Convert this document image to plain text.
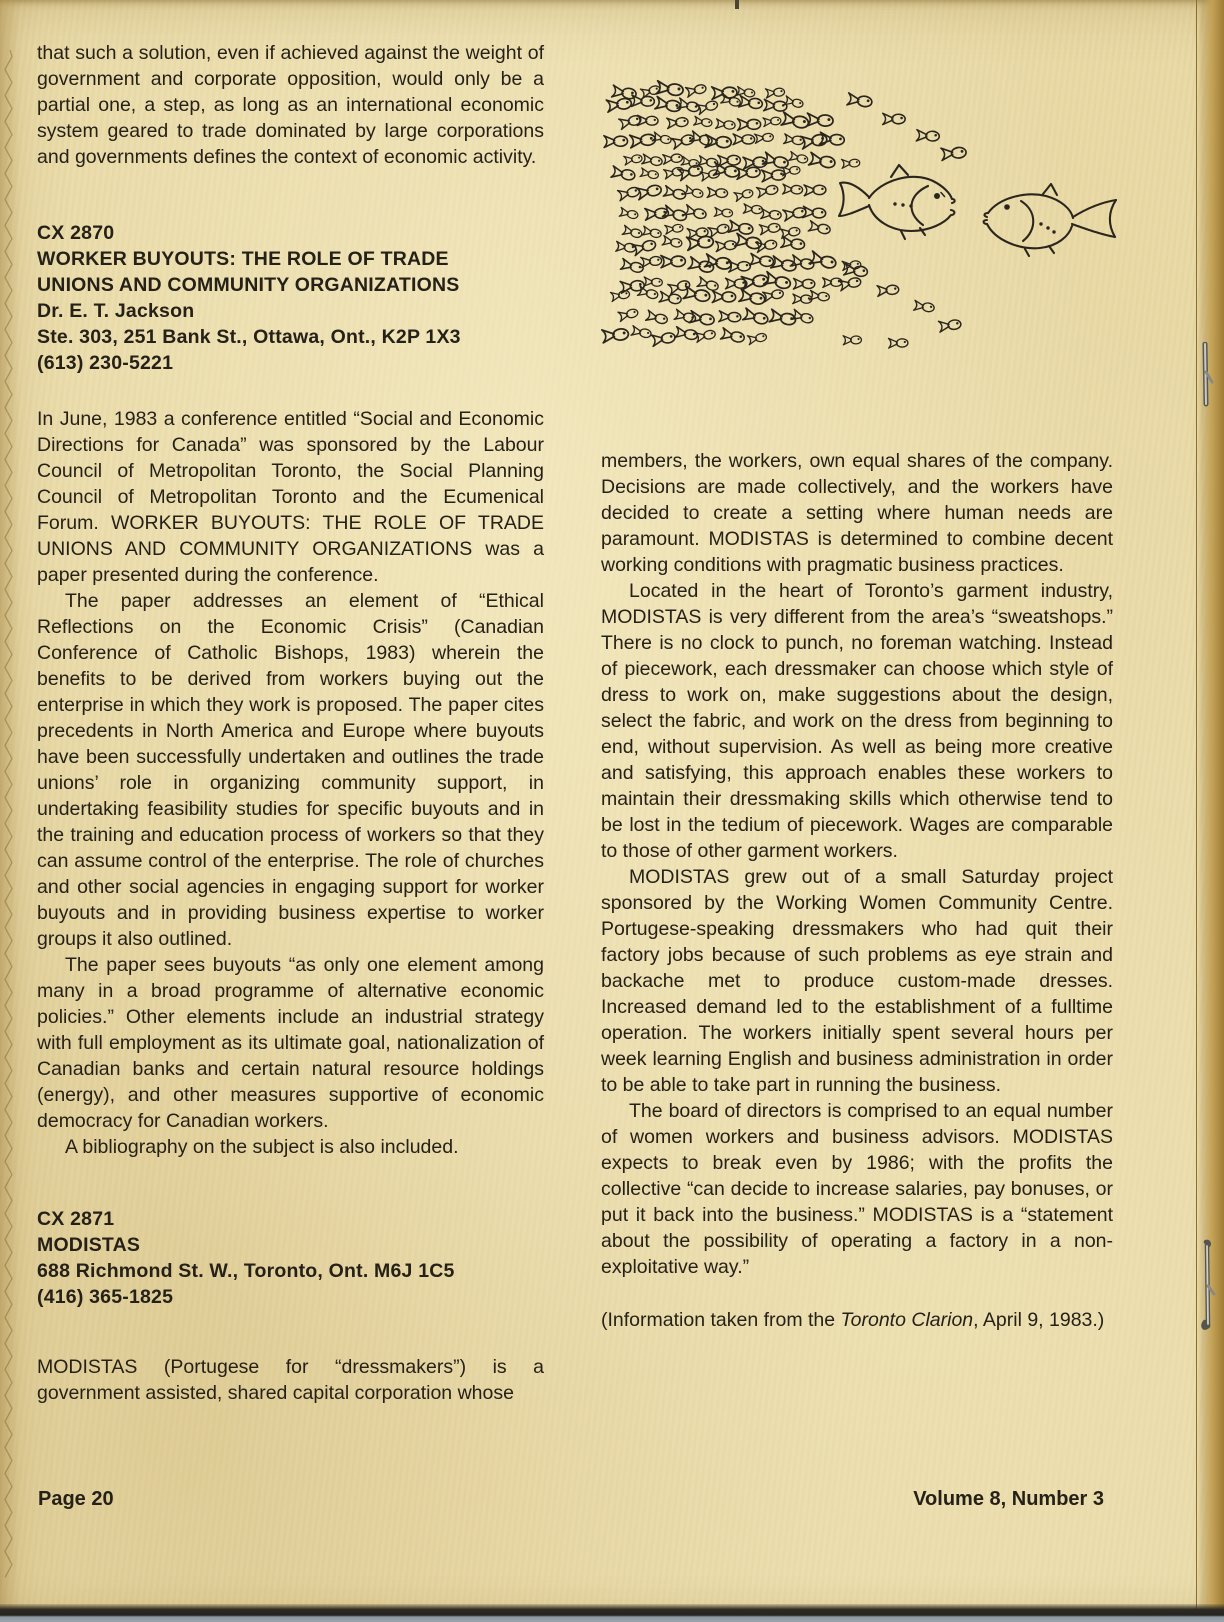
that such a solution, even if achieved against the weight of government and corporate opposition, would only be a partial one, a step, as long as an international economic system geared to trade dominated by large corporations and governments defines the context of economic activity.

CX 2870
WORKER BUYOUTS: THE ROLE OF TRADE
UNIONS AND COMMUNITY ORGANIZATIONS
Dr. E. T. Jackson
Ste. 303, 251 Bank St., Ottawa, Ont., K2P 1X3
(613) 230-5221

In June, 1983 a conference entitled “Social and Economic Directions for Canada” was sponsored by the Labour Council of Metropolitan Toronto, the Social Planning Council of Metropolitan Toronto and the Ecumenical Forum. WORKER BUYOUTS: THE ROLE OF TRADE UNIONS AND COMMUNITY ORGANIZATIONS was a paper presented during the conference.

The paper addresses an element of “Ethical Reflections on the Economic Crisis” (Canadian Conference of Catholic Bishops, 1983) wherein the benefits to be derived from workers buying out the enterprise in which they work is proposed. The paper cites precedents in North America and Europe where buyouts have been successfully undertaken and outlines the trade unions’ role in organizing community support, in undertaking feasibility studies for specific buyouts and in the training and education process of workers so that they can assume control of the enterprise. The role of churches and other social agencies in engaging support for worker buyouts and in providing business expertise to worker groups it also outlined.

The paper sees buyouts “as only one element among many in a broad programme of alternative economic policies.” Other elements include an industrial strategy with full employment as its ultimate goal, nationalization of Canadian banks and certain natural resource holdings (energy), and other measures supportive of economic democracy for Canadian workers.

A bibliography on the subject is also included.

CX 2871
MODISTAS
688 Richmond St. W., Toronto, Ont. M6J 1C5
(416) 365-1825

MODISTAS (Portugese for “dressmakers”) is a government assisted, shared capital corporation whose

members, the workers, own equal shares of the company. Decisions are made collectively, and the workers have decided to create a setting where human needs are paramount. MODISTAS is determined to combine decent working conditions with pragmatic business practices.

Located in the heart of Toronto’s garment industry, MODISTAS is very different from the area’s “sweatshops.” There is no clock to punch, no foreman watching. Instead of piecework, each dressmaker can choose which style of dress to work on, make suggestions about the design, select the fabric, and work on the dress from beginning to end, without supervision. As well as being more creative and satisfying, this approach enables these workers to maintain their dressmaking skills which otherwise tend to be lost in the tedium of piecework. Wages are comparable to those of other garment workers.

MODISTAS grew out of a small Saturday project sponsored by the Working Women Community Centre. Portugese-speaking dressmakers who had quit their factory jobs because of such problems as eye strain and backache met to produce custom-made dresses. Increased demand led to the establishment of a fulltime operation. The workers initially spent several hours per week learning English and business administration in order to be able to take part in running the business.

The board of directors is comprised to an equal number of women workers and business advisors. MODISTAS expects to break even by 1986; with the profits the collective “can decide to increase salaries, pay bonuses, or put it back into the business.” MODISTAS is a “statement about the possibility of operating a factory in a non-exploitative way.”

(Information taken from the Toronto Clarion, April 9, 1983.)

Page 20	Volume 8, Number 3
